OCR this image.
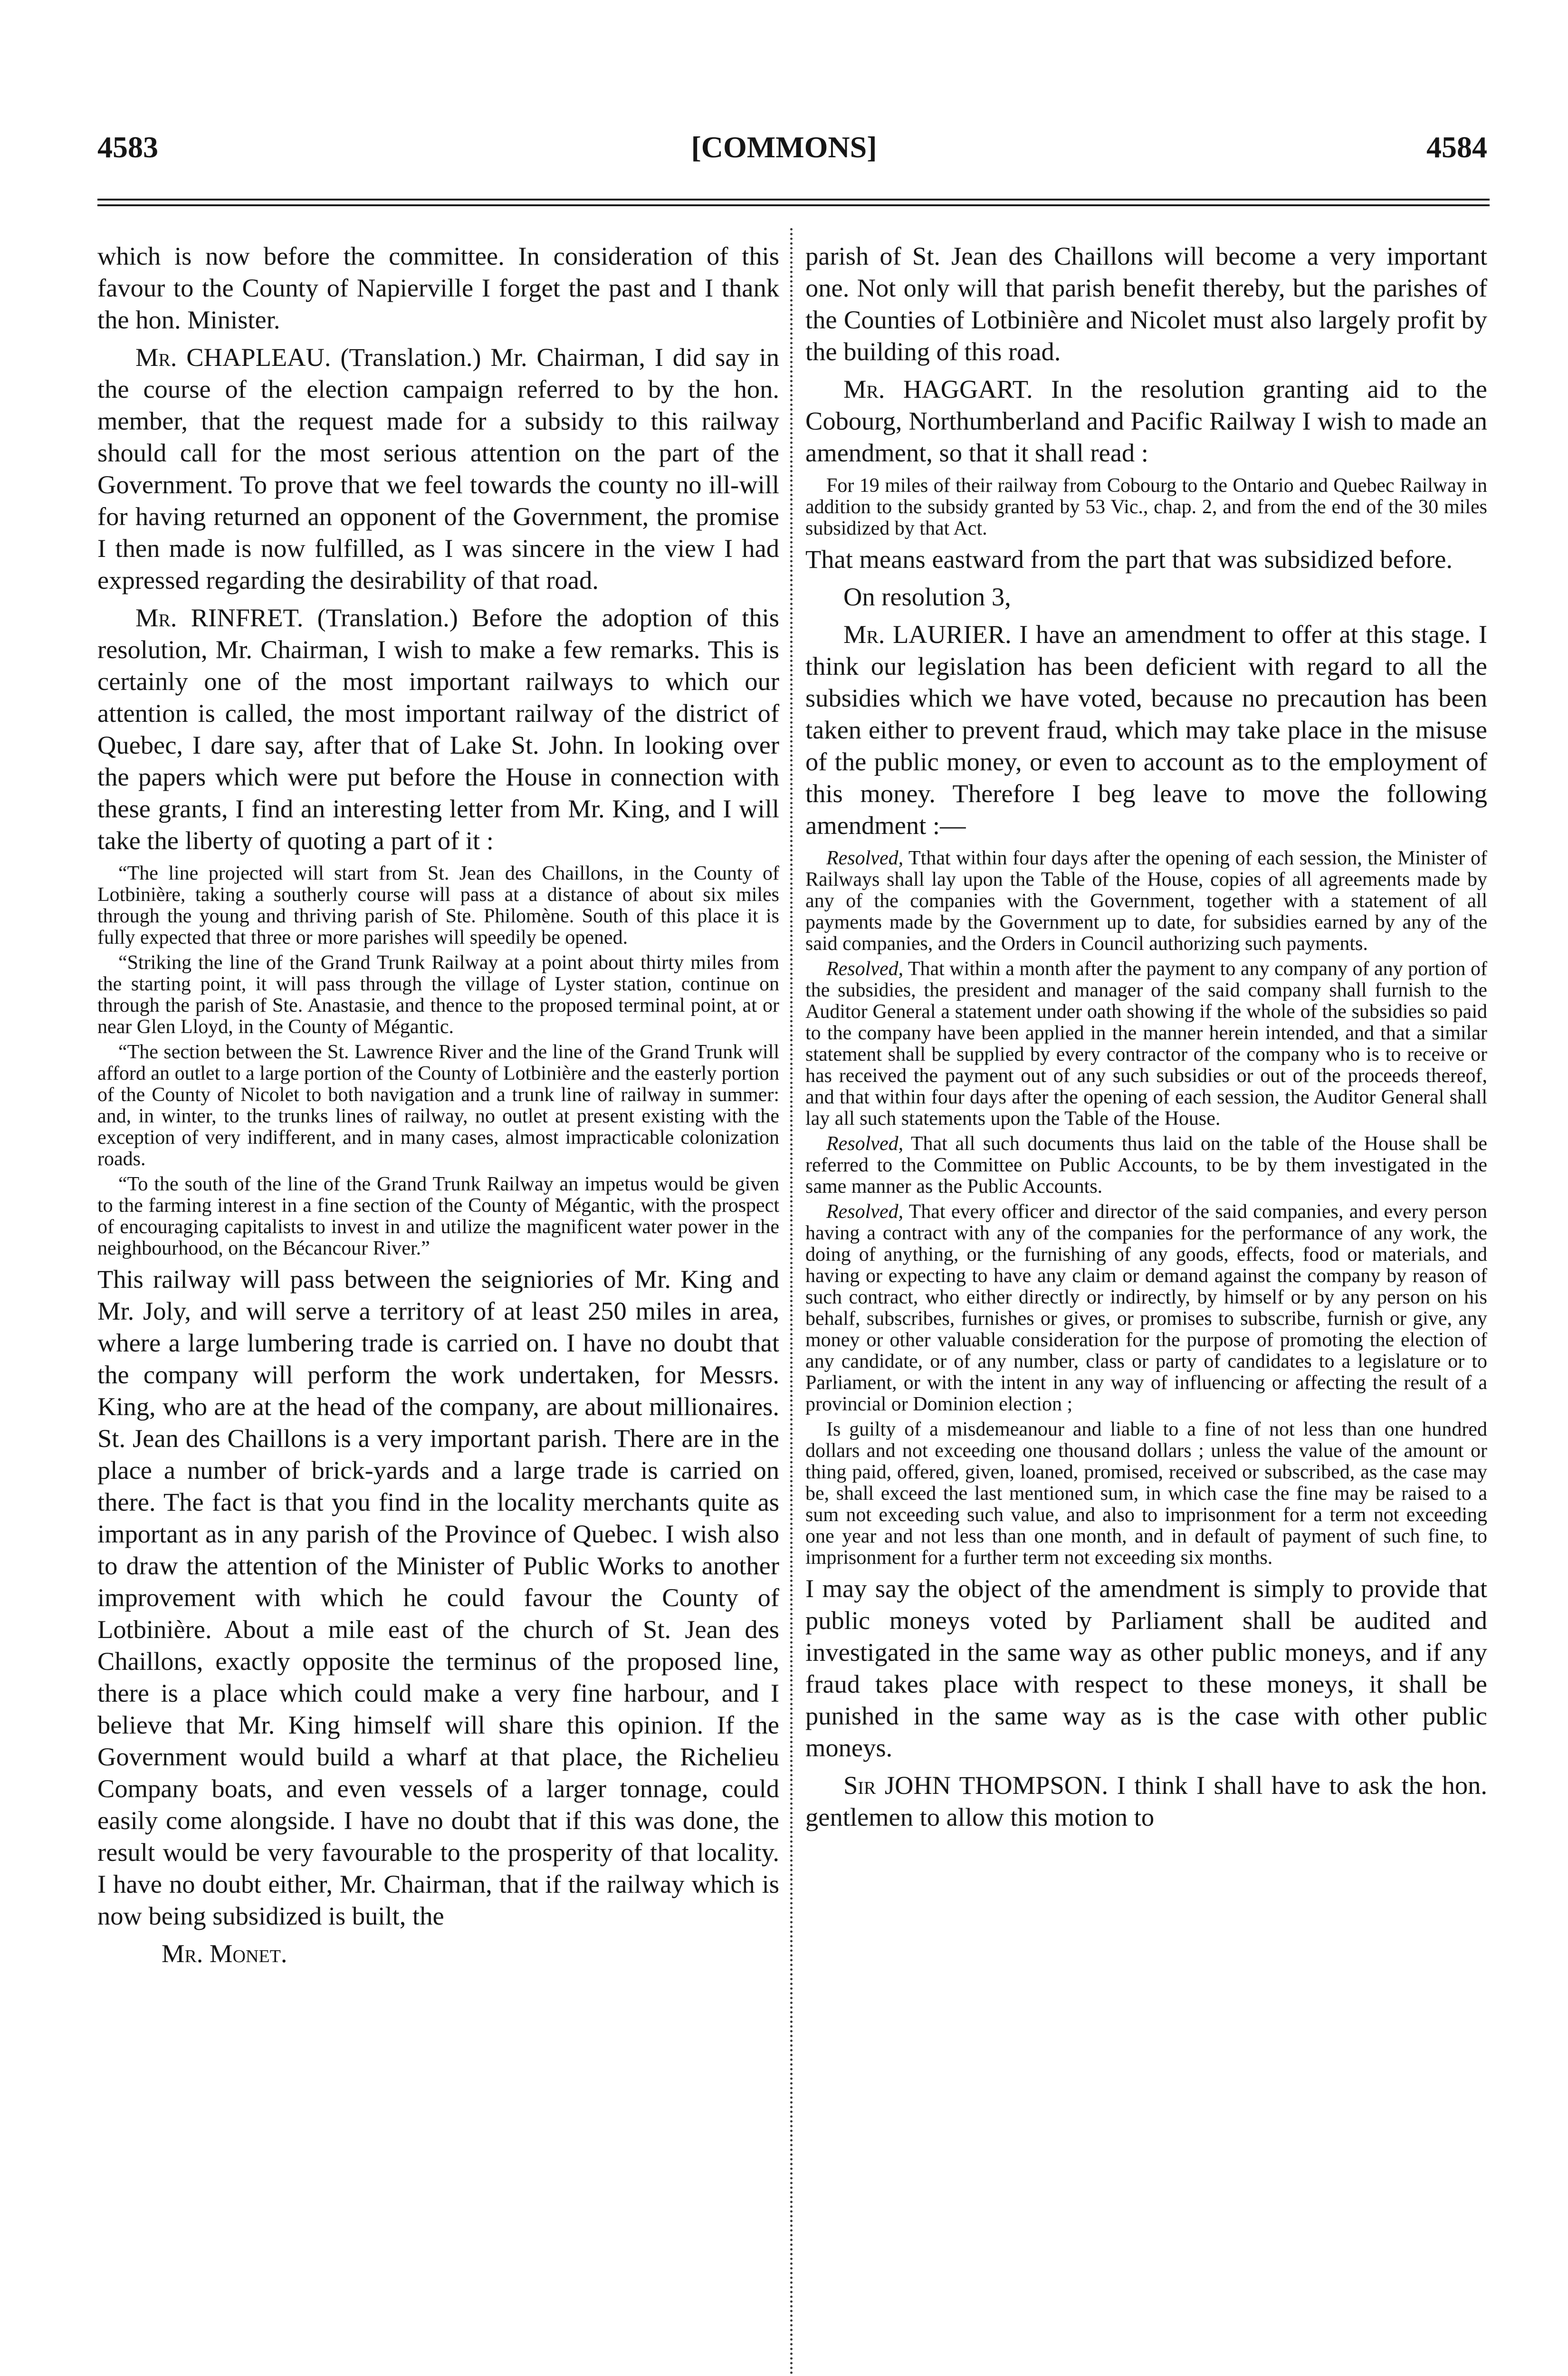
4583	[COMMONS]	4584

which is now before the committee. In consideration of this favour to the County of Napierville I forget the past and I thank the hon. Minister.

Mr. CHAPLEAU. (Translation.) Mr. Chairman, I did say in the course of the election campaign referred to by the hon. member, that the request made for a subsidy to this railway should call for the most serious attention on the part of the Government. To prove that we feel towards the county no ill-will for having returned an opponent of the Government, the promise I then made is now fulfilled, as I was sincere in the view I had expressed regarding the desirability of that road.

Mr. RINFRET. (Translation.) Before the adoption of this resolution, Mr. Chairman, I wish to make a few remarks. This is certainly one of the most important railways to which our attention is called, the most important railway of the district of Quebec, I dare say, after that of Lake St. John. In looking over the papers which were put before the House in connection with these grants, I find an interesting letter from Mr. King, and I will take the liberty of quoting a part of it :

“The line projected will start from St. Jean des Chaillons, in the County of Lotbinière, taking a southerly course will pass at a distance of about six miles through the young and thriving parish of Ste. Philomène. South of this place it is fully expected that three or more parishes will speedily be opened.

“Striking the line of the Grand Trunk Railway at a point about thirty miles from the starting point, it will pass through the village of Lyster station, continue on through the parish of Ste. Anastasie, and thence to the proposed terminal point, at or near Glen Lloyd, in the County of Mégantic.

“The section between the St. Lawrence River and the line of the Grand Trunk will afford an outlet to a large portion of the County of Lotbinière and the easterly portion of the County of Nicolet to both navigation and a trunk line of railway in summer: and, in winter, to the trunks lines of railway, no outlet at present existing with the exception of very indifferent, and in many cases, almost impracticable colonization roads.

“To the south of the line of the Grand Trunk Railway an impetus would be given to the farming interest in a fine section of the County of Mégantic, with the prospect of encouraging capitalists to invest in and utilize the magnificent water power in the neighbourhood, on the Bécancour River.”

This railway will pass between the seigniories of Mr. King and Mr. Joly, and will serve a territory of at least 250 miles in area, where a large lumbering trade is carried on. I have no doubt that the company will perform the work undertaken, for Messrs. King, who are at the head of the company, are about millionaires. St. Jean des Chaillons is a very important parish. There are in the place a number of brick-yards and a large trade is carried on there. The fact is that you find in the locality merchants quite as important as in any parish of the Province of Quebec. I wish also to draw the attention of the Minister of Public Works to another improvement with which he could favour the County of Lotbinière. About a mile east of the church of St. Jean des Chaillons, exactly opposite the terminus of the proposed line, there is a place which could make a very fine harbour, and I believe that Mr. King himself will share this opinion. If the Government would build a wharf at that place, the Richelieu Company boats, and even vessels of a larger tonnage, could easily come alongside. I have no doubt that if this was done, the result would be very favourable to the prosperity of that locality. I have no doubt either, Mr. Chairman, that if the railway which is now being subsidized is built, the

Mr. Monet.

parish of St. Jean des Chaillons will become a very important one. Not only will that parish benefit thereby, but the parishes of the Counties of Lotbinière and Nicolet must also largely profit by the building of this road.

Mr. HAGGART. In the resolution granting aid to the Cobourg, Northumberland and Pacific Railway I wish to made an amendment, so that it shall read :

For 19 miles of their railway from Cobourg to the Ontario and Quebec Railway in addition to the subsidy granted by 53 Vic., chap. 2, and from the end of the 30 miles subsidized by that Act.

That means eastward from the part that was subsidized before.

On resolution 3,

Mr. LAURIER. I have an amendment to offer at this stage. I think our legislation has been deficient with regard to all the subsidies which we have voted, because no precaution has been taken either to prevent fraud, which may take place in the misuse of the public money, or even to account as to the employment of this money. Therefore I beg leave to move the following amendment :—

Resolved, Tthat within four days after the opening of each session, the Minister of Railways shall lay upon the Table of the House, copies of all agreements made by any of the companies with the Government, together with a statement of all payments made by the Government up to date, for subsidies earned by any of the said companies, and the Orders in Council authorizing such payments.

Resolved, That within a month after the payment to any company of any portion of the subsidies, the president and manager of the said company shall furnish to the Auditor General a statement under oath showing if the whole of the subsidies so paid to the company have been applied in the manner herein intended, and that a similar statement shall be supplied by every contractor of the company who is to receive or has received the payment out of any such subsidies or out of the proceeds thereof, and that within four days after the opening of each session, the Auditor General shall lay all such statements upon the Table of the House.

Resolved, That all such documents thus laid on the table of the House shall be referred to the Committee on Public Accounts, to be by them investigated in the same manner as the Public Accounts.

Resolved, That every officer and director of the said companies, and every person having a contract with any of the companies for the performance of any work, the doing of anything, or the furnishing of any goods, effects, food or materials, and having or expecting to have any claim or demand against the company by reason of such contract, who either directly or indirectly, by himself or by any person on his behalf, subscribes, furnishes or gives, or promises to subscribe, furnish or give, any money or other valuable consideration for the purpose of promoting the election of any candidate, or of any number, class or party of candidates to a legislature or to Parliament, or with the intent in any way of influencing or affecting the result of a provincial or Dominion election ;

Is guilty of a misdemeanour and liable to a fine of not less than one hundred dollars and not exceeding one thousand dollars ; unless the value of the amount or thing paid, offered, given, loaned, promised, received or subscribed, as the case may be, shall exceed the last mentioned sum, in which case the fine may be raised to a sum not exceeding such value, and also to imprisonment for a term not exceeding one year and not less than one month, and in default of payment of such fine, to imprisonment for a further term not exceeding six months.

I may say the object of the amendment is simply to provide that public moneys voted by Parliament shall be audited and investigated in the same way as other public moneys, and if any fraud takes place with respect to these moneys, it shall be punished in the same way as is the case with other public moneys.

Sir JOHN THOMPSON. I think I shall have to ask the hon. gentlemen to allow this motion to
